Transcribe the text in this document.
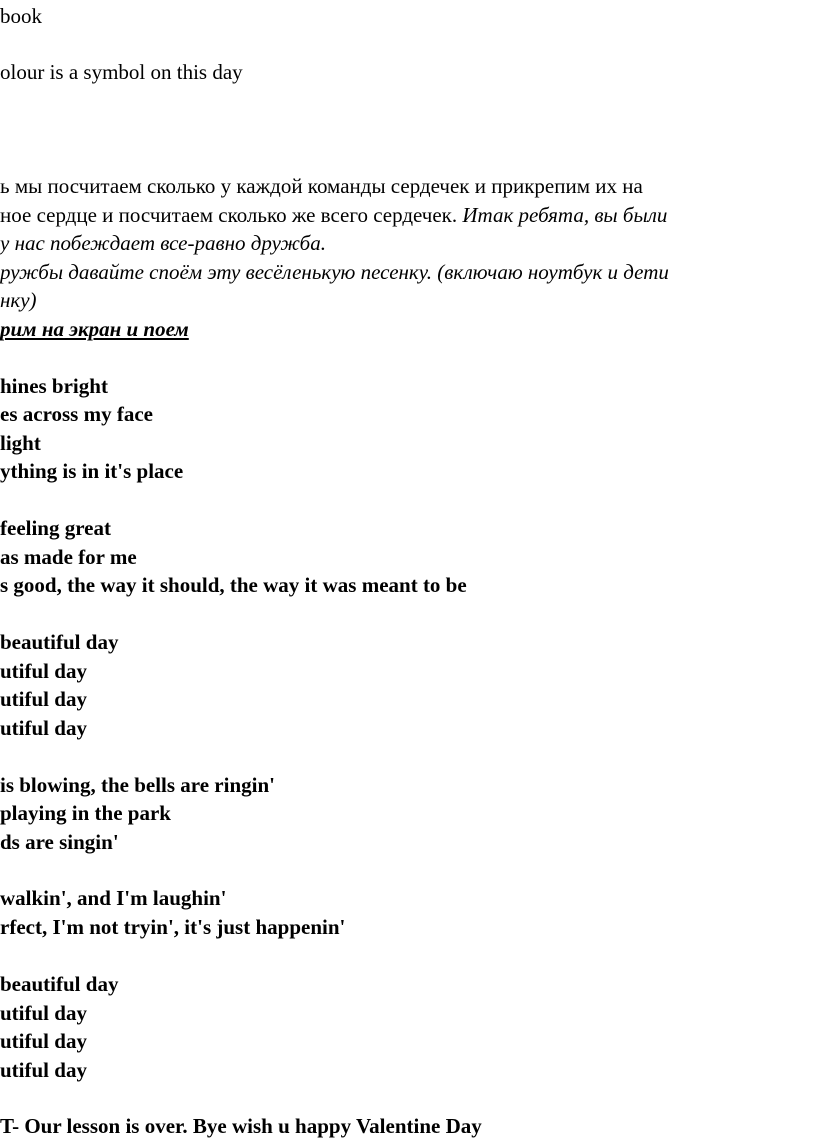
book
olour is a symbol on this day
ь мы посчитаем сколько у каждой команды сердечек и прикрепим их на
ное сердце и посчитаем сколько же всего сердечек. Итак ребята, вы были
у нас побеждает все-равно дружба.
ружбы давайте споём эту весёленькую песенку. (включаю ноутбук и дети
нку)
рим на экран и поем
hines bright
es across my face
light
ything is in it's place
feeling great
as made for me
s good, the way it should, the way it was meant to be
beautiful day
utiful day
utiful day
utiful day
is blowing, the bells are ringin'
playing in the park
ds are singin'
walkin', and I'm laughin'
rfect, I'm not tryin', it's just happenin'
beautiful day
utiful day
utiful day
utiful day
T- Our lesson is over. Bye wish u happy Valentine Day
